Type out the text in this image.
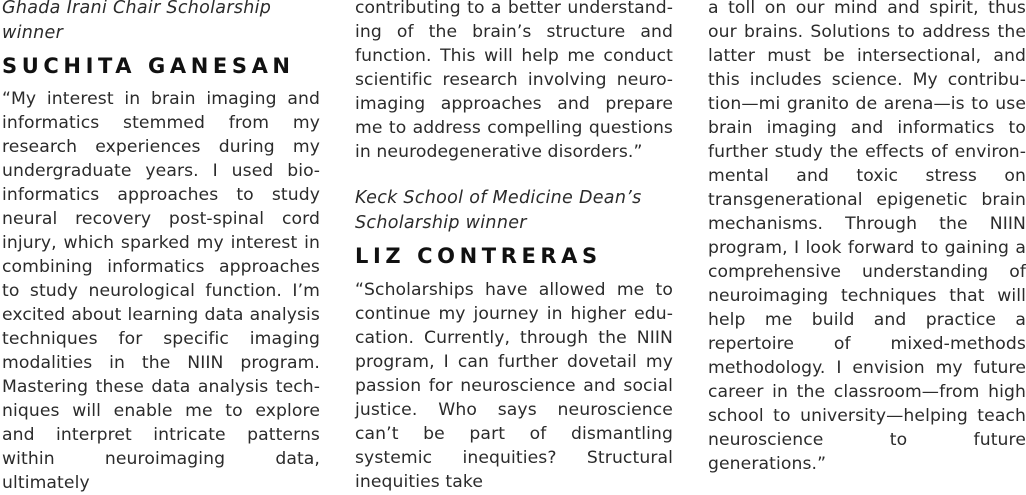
Ghada Irani Chair Scholarship winner

SUCHITA GANESAN

“My interest in brain imaging and informatics stemmed from my research experiences during my undergraduate years. I used bioinformatics approaches to study neural recovery post-spinal cord injury, which sparked my interest in combining informatics approaches to study neurological function. I’m excited about learning data analysis techniques for specific imaging modalities in the NIIN program. Mastering these data analysis techniques will enable me to explore and interpret intricate patterns within neuroimaging data, ultimately

contributing to a better understanding of the brain’s structure and function. This will help me conduct scientific research involving neuroimaging approaches and prepare me to address compelling questions in neurodegenerative disorders.”

Keck School of Medicine Dean’s Scholarship winner

LIZ CONTRERAS

“Scholarships have allowed me to continue my journey in higher education. Currently, through the NIIN program, I can further dovetail my passion for neuroscience and social justice. Who says neuroscience can’t be part of dismantling systemic inequities? Structural inequities take

a toll on our mind and spirit, thus our brains. Solutions to address the latter must be intersectional, and this includes science. My contribution—mi granito de arena—is to use brain imaging and informatics to further study the effects of environmental and toxic stress on transgenerational epigenetic brain mechanisms. Through the NIIN program, I look forward to gaining a comprehensive understanding of neuroimaging techniques that will help me build and practice a repertoire of mixed-methods methodology. I envision my future career in the classroom—from high school to university—helping teach neuroscience to future generations.”
